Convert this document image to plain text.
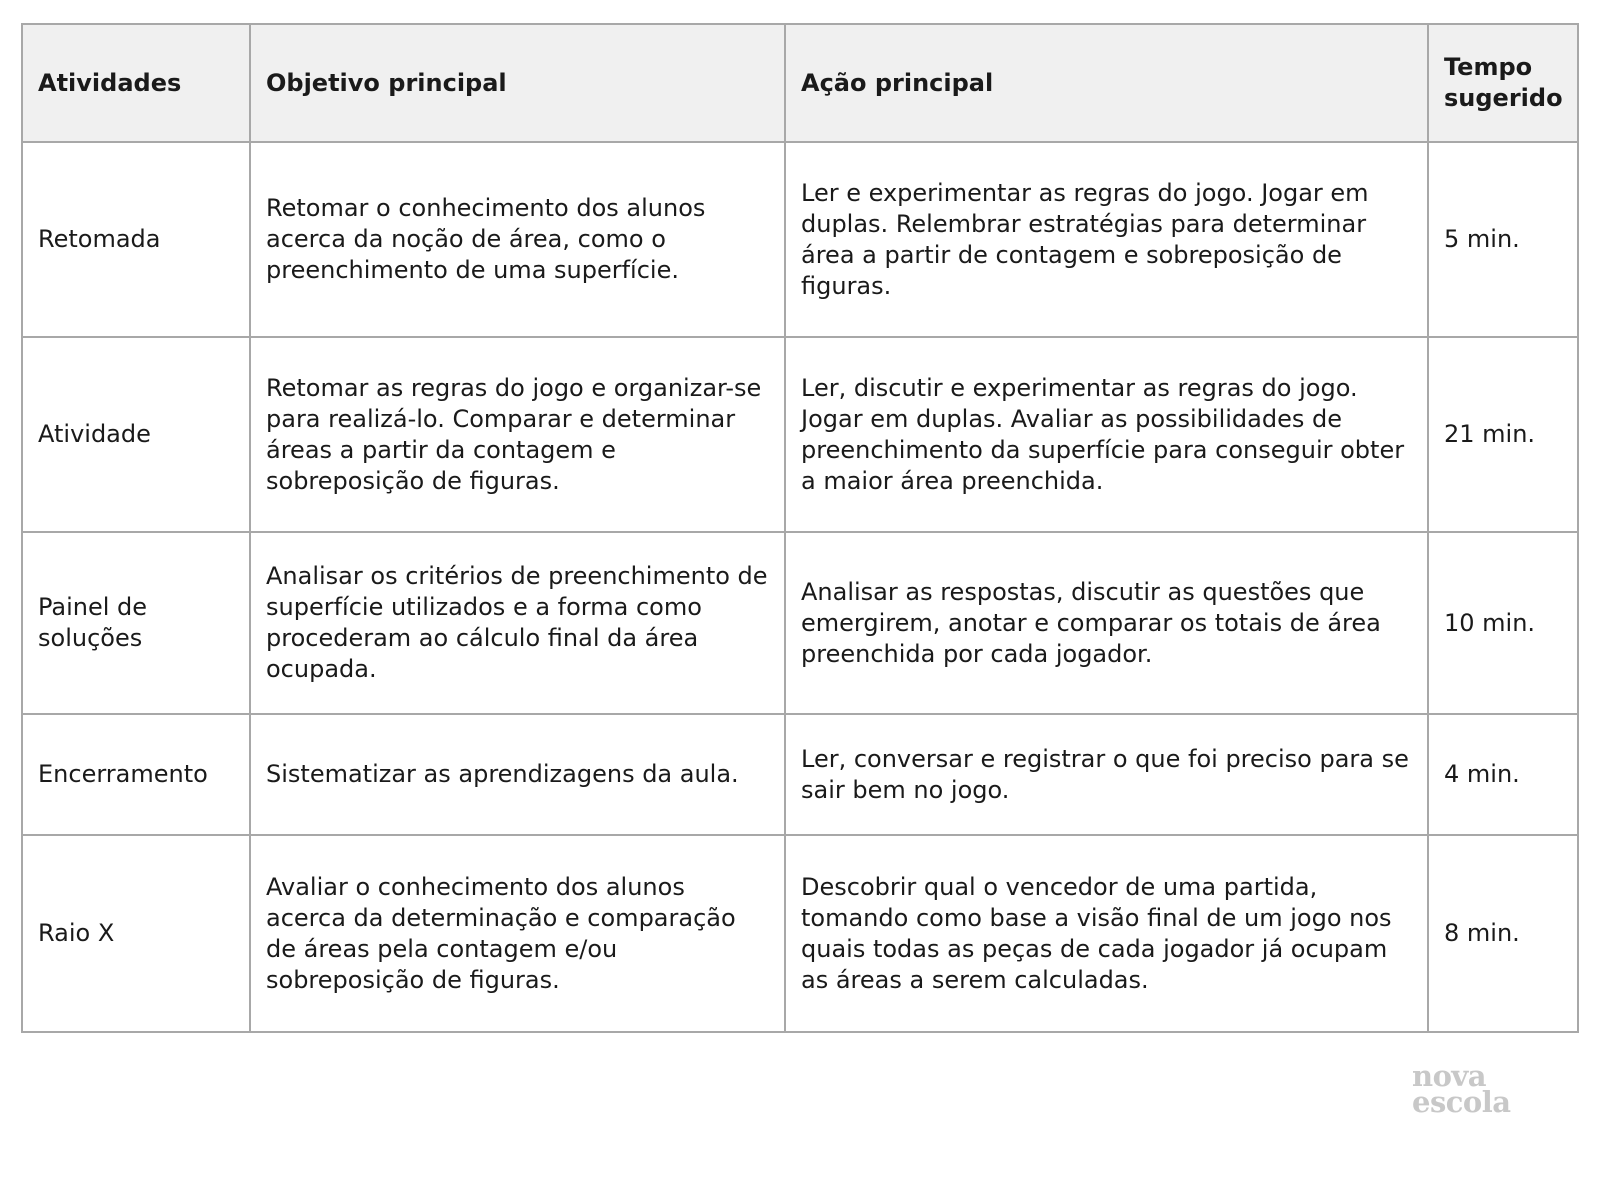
Atividades	Objetivo principal	Ação principal	Tempo sugerido
Retomada	Retomar o conhecimento dos alunos acerca da noção de área, como o preenchimento de uma superfície.	Ler e experimentar as regras do jogo. Jogar em duplas. Relembrar estratégias para determinar área a partir de contagem e sobreposição de figuras.	5 min.
Atividade	Retomar as regras do jogo e organizar-se para realizá-lo. Comparar e determinar áreas a partir da contagem e sobreposição de figuras.	Ler, discutir e experimentar as regras do jogo. Jogar em duplas. Avaliar as possibilidades de preenchimento da superfície para conseguir obter a maior área preenchida.	21 min.
Painel de soluções	Analisar os critérios de preenchimento de superfície utilizados e a forma como procederam ao cálculo final da área ocupada.	Analisar as respostas, discutir as questões que emergirem, anotar e comparar os totais de área preenchida por cada jogador.	10 min.
Encerramento	Sistematizar as aprendizagens da aula.	Ler, conversar e registrar o que foi preciso para se sair bem no jogo.	4 min.
Raio X	Avaliar o conhecimento dos alunos acerca da determinação e comparação de áreas pela contagem e/ou sobreposição de figuras.	Descobrir qual o vencedor de uma partida, tomando como base a visão final de um jogo nos quais todas as peças de cada jogador já ocupam as áreas a serem calculadas.	8 min.
nova
escola
